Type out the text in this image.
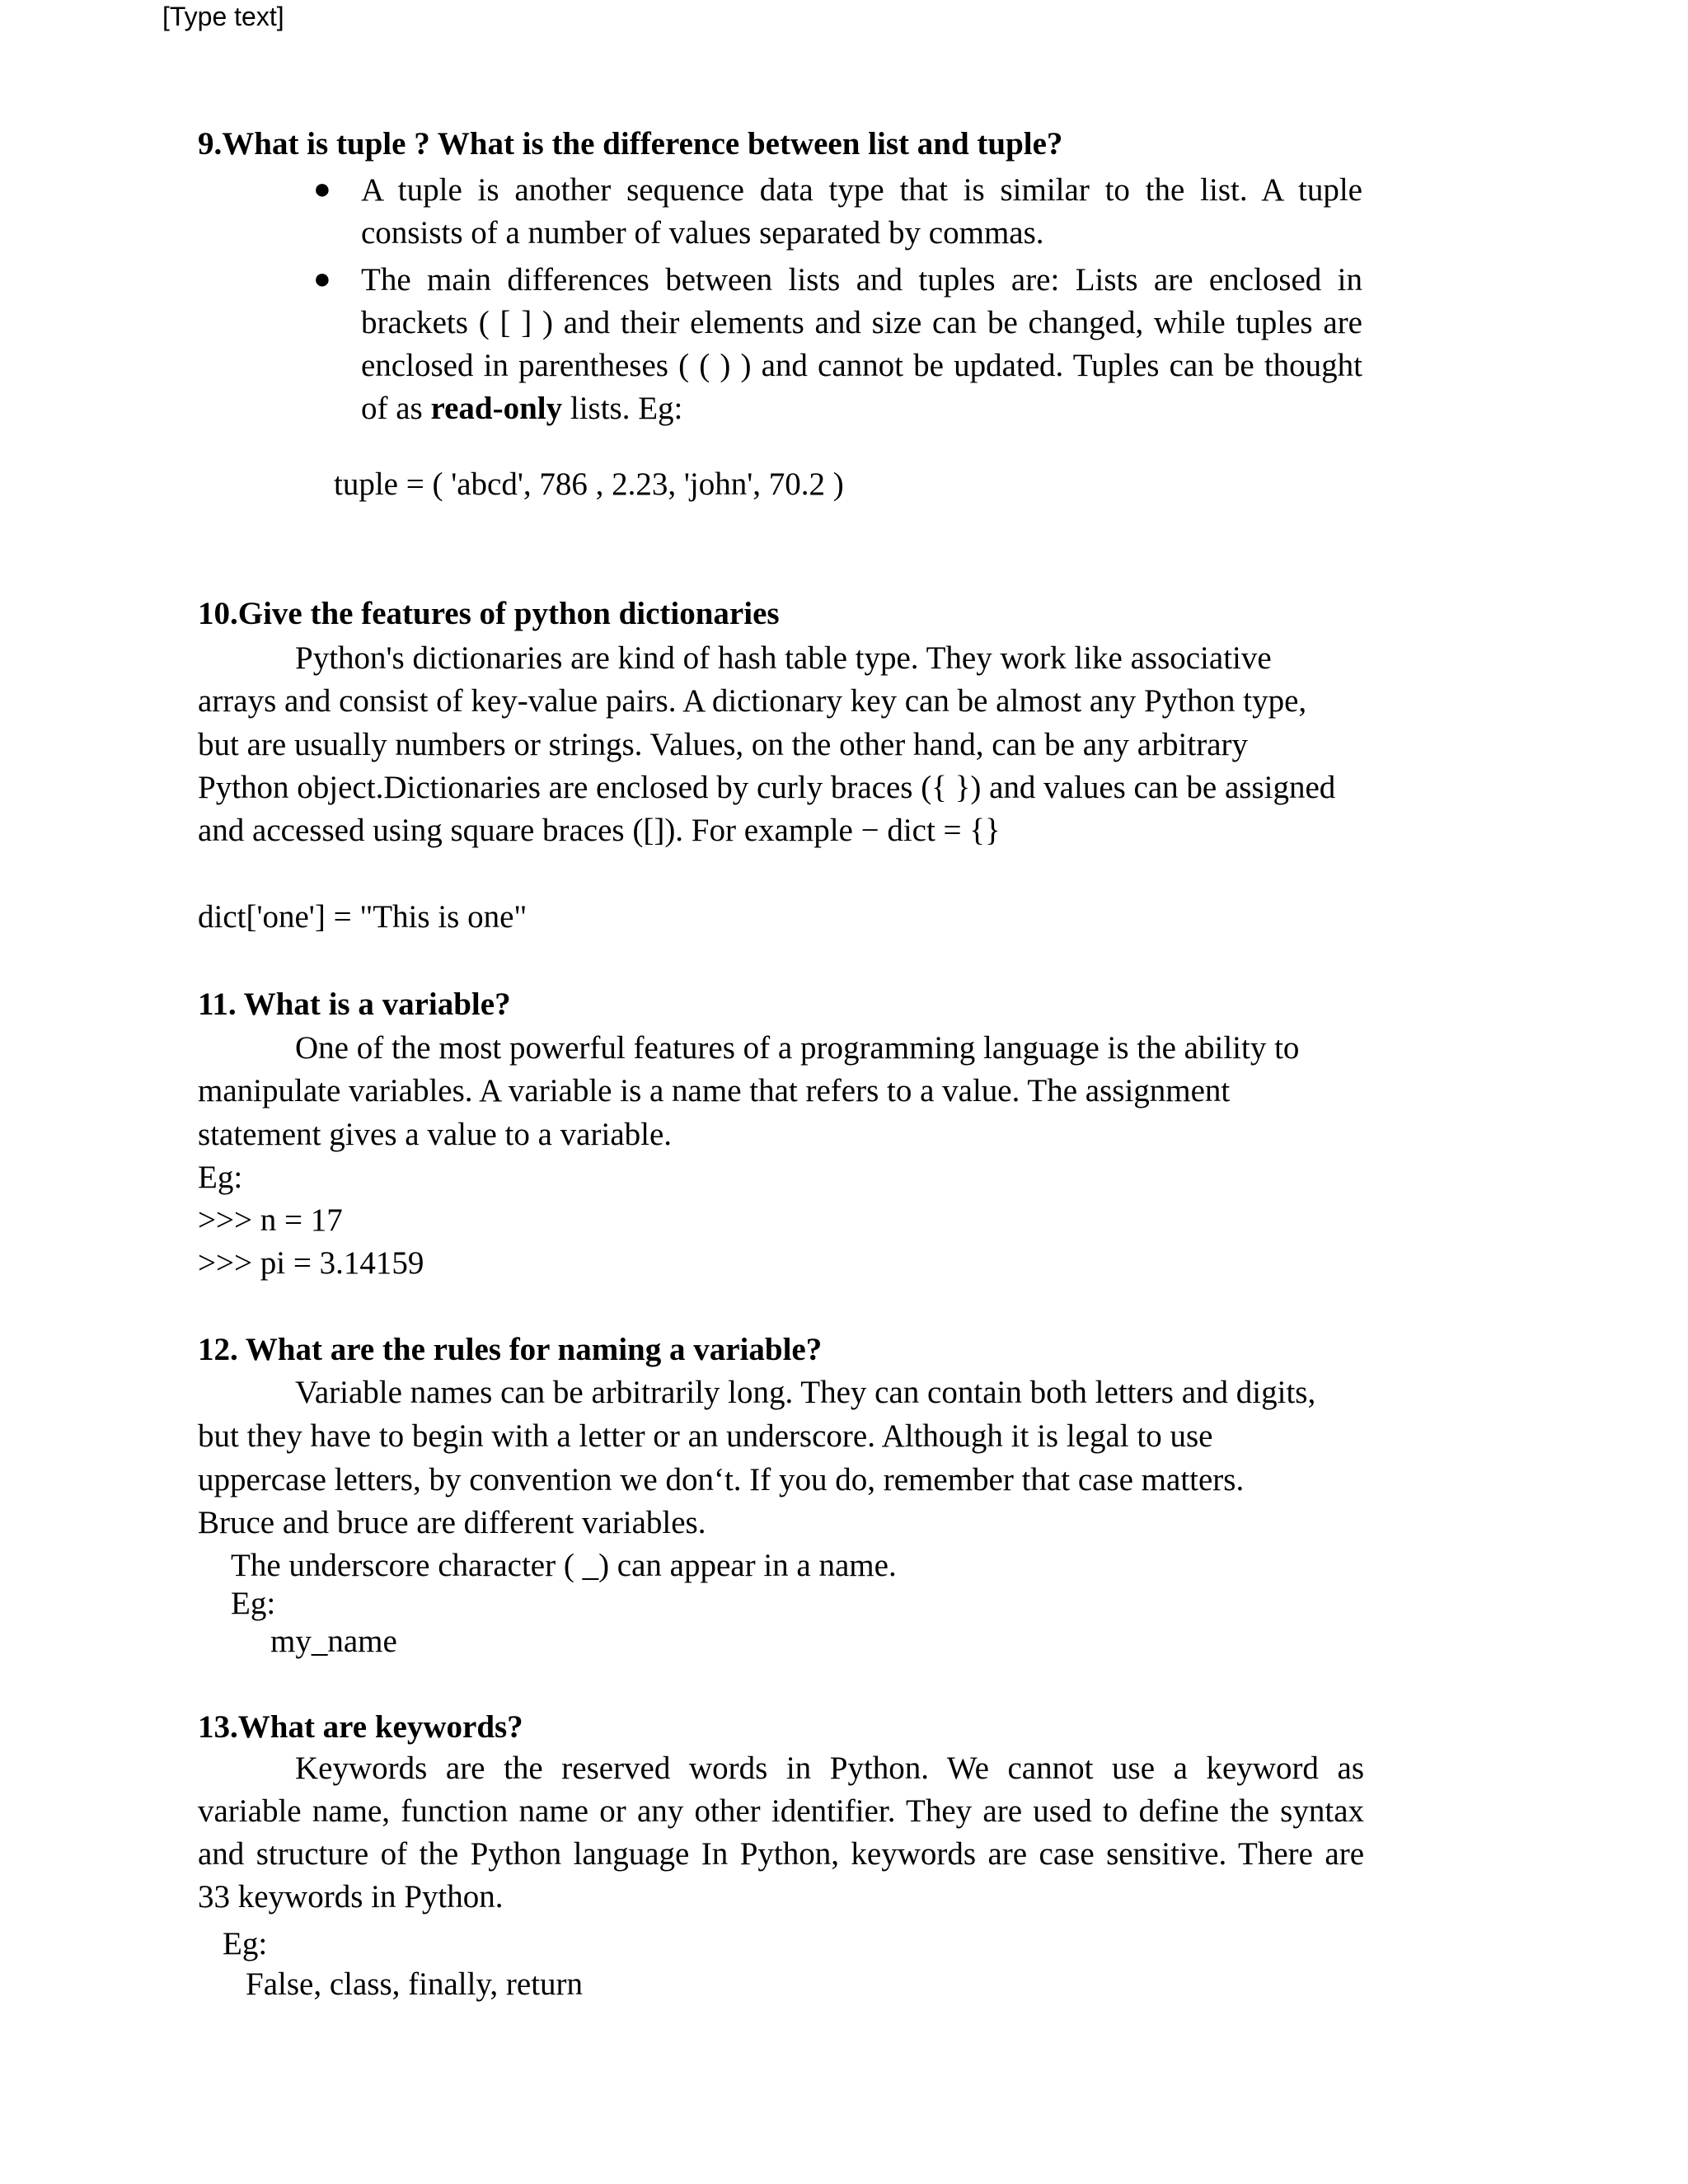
[Type text]
9.What is tuple ? What is the difference between list and tuple?
● A tuple is another sequence data type that is similar to the list. A tuple
consists of a number of values separated by commas.
● The main differences between lists and tuples are: Lists are enclosed in
brackets ( [ ] ) and their elements and size can be changed, while tuples are
enclosed in parentheses ( ( ) ) and cannot be updated. Tuples can be thought
of as read-only lists. Eg:
tuple = ( 'abcd', 786 , 2.23, 'john', 70.2 )
10.Give the features of python dictionaries
Python's dictionaries are kind of hash table type. They work like associative
arrays and consist of key-value pairs. A dictionary key can be almost any Python type,
but are usually numbers or strings. Values, on the other hand, can be any arbitrary
Python object.Dictionaries are enclosed by curly braces ({ }) and values can be assigned
and accessed using square braces ([]). For example − dict = {}
dict['one'] = "This is one"
11. What is a variable?
One of the most powerful features of a programming language is the ability to
manipulate variables. A variable is a name that refers to a value. The assignment
statement gives a value to a variable.
Eg:
>>> n = 17
>>> pi = 3.14159
12. What are the rules for naming a variable?
Variable names can be arbitrarily long. They can contain both letters and digits,
but they have to begin with a letter or an underscore. Although it is legal to use
uppercase letters, by convention we don‘t. If you do, remember that case matters.
Bruce and bruce are different variables.
The underscore character ( _) can appear in a name.
Eg:
my_name
13.What are keywords?
Keywords are the reserved words in Python. We cannot use a keyword as
variable name, function name or any other identifier. They are used to define the syntax
and structure of the Python language In Python, keywords are case sensitive. There are
33 keywords in Python.
Eg:
False, class, finally, return
